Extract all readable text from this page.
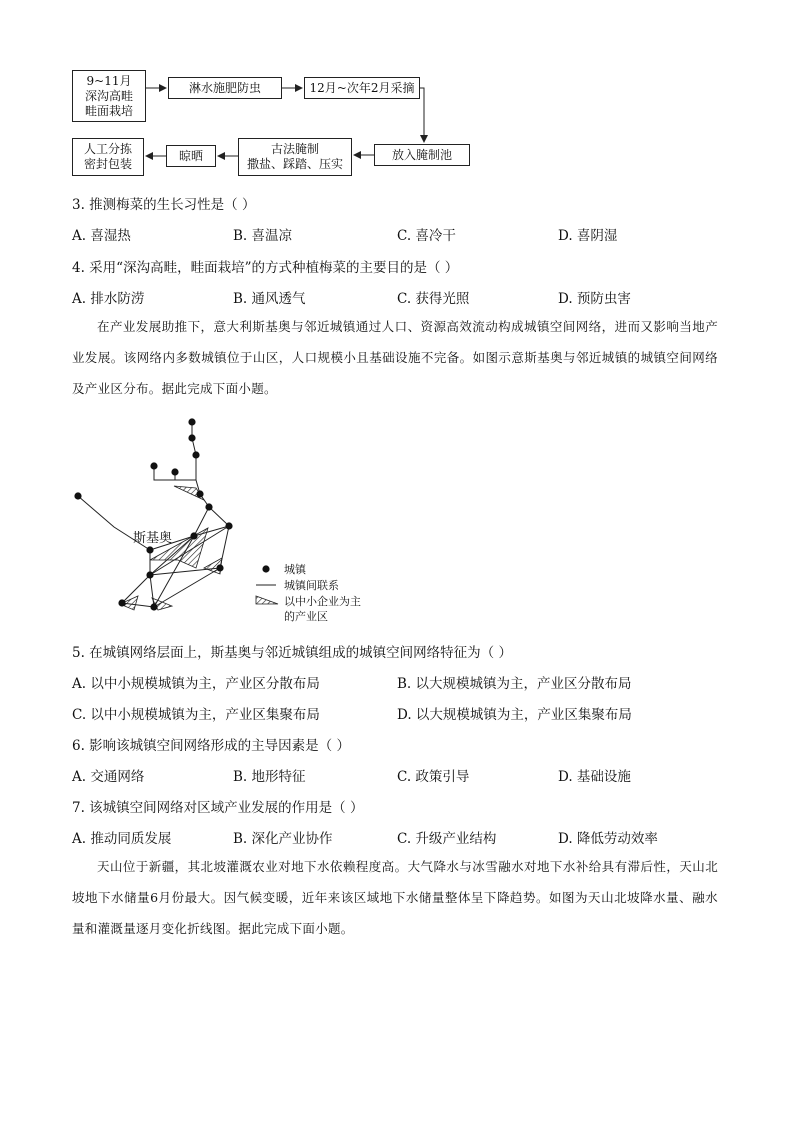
9~11月
深沟高畦
畦面栽培
淋水施肥防虫	12月~次年2月采摘
放入腌制池
古法腌制
撒盐、踩踏、压实
晾晒
人工分拣
密封包装
3. 推测梅菜的生长习性是（ ）
A. 喜湿热	B. 喜温凉	C. 喜冷干	D. 喜阴湿
4. 采用“深沟高畦，畦面栽培”的方式种植梅菜的主要目的是（ ）
A. 排水防涝	B. 通风透气	C. 获得光照	D. 预防虫害
在产业发展助推下，意大利斯基奥与邻近城镇通过人口、资源高效流动构成城镇空间网络，进而又影响当地产业发展。该网络内多数城镇位于山区，人口规模小且基础设施不完备。如图示意斯基奥与邻近城镇的城镇空间网络及产业区分布。据此完成下面小题。
斯基奥
城镇
城镇间联系
以中小企业为主
的产业区
5. 在城镇网络层面上，斯基奥与邻近城镇组成的城镇空间网络特征为（ ）
A. 以中小规模城镇为主，产业区分散布局	B. 以大规模城镇为主，产业区分散布局
C. 以中小规模城镇为主，产业区集聚布局	D. 以大规模城镇为主，产业区集聚布局
6. 影响该城镇空间网络形成的主导因素是（ ）
A. 交通网络	B. 地形特征	C. 政策引导	D. 基础设施
7. 该城镇空间网络对区域产业发展的作用是（ ）
A. 推动同质发展	B. 深化产业协作	C. 升级产业结构	D. 降低劳动效率
天山位于新疆，其北坡灌溉农业对地下水依赖程度高。大气降水与冰雪融水对地下水补给具有滞后性，天山北坡地下水储量6月份最大。因气候变暖，近年来该区域地下水储量整体呈下降趋势。如图为天山北坡降水量、融水量和灌溉量逐月变化折线图。据此完成下面小题。
